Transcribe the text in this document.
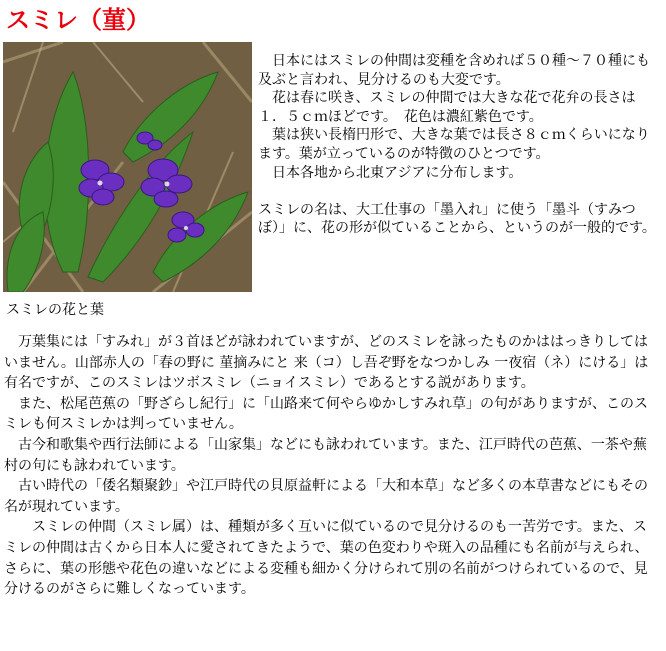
スミレ（菫）
スミレの花と葉

日本にはスミレの仲間は変種を含めれば５０種〜７０種にも及ぶと言われ、見分けるのも大変です。

花は春に咲き、スミレの仲間では大きな花で花弁の長さは１．５ｃｍほどです。　花色は濃紅紫色です。

葉は狭い長楕円形で、大きな葉では長さ８ｃｍくらいになります。葉が立っているのが特徴のひとつです。

日本各地から北東アジアに分布します。

スミレの名は、大工仕事の「墨入れ」に使う「墨斗（すみつぼ）」に、花の形が似ていることから、というのが一般的です。

万葉集には「すみれ」が３首ほどが詠われていますが、どのスミレを詠ったものかははっきりしてはいません。山部赤人の「春の野に 菫摘みにと 来（コ）し吾ぞ野をなつかしみ 一夜宿（ネ）にける」は有名ですが、このスミレはツボスミレ（ニョイスミレ）であるとする説があります。

また、松尾芭蕉の「野ざらし紀行」に「山路来て何やらゆかしすみれ草」の句がありますが、このスミレも何スミレかは判っていません。

古今和歌集や西行法師による「山家集」などにも詠われています。また、江戸時代の芭蕉、一茶や蕪村の句にも詠われています。

古い時代の「倭名類聚鈔」や江戸時代の貝原益軒による「大和本草」など多くの本草書などにもその名が現れています。

　スミレの仲間（スミレ属）は、種類が多く互いに似ているので見分けるのも一苦労です。また、スミレの仲間は古くから日本人に愛されてきたようで、葉の色変わりや斑入の品種にも名前が与えられ、さらに、葉の形態や花色の違いなどによる変種も細かく分けられて別の名前がつけられているので、見分けるのがさらに難しくなっています。
